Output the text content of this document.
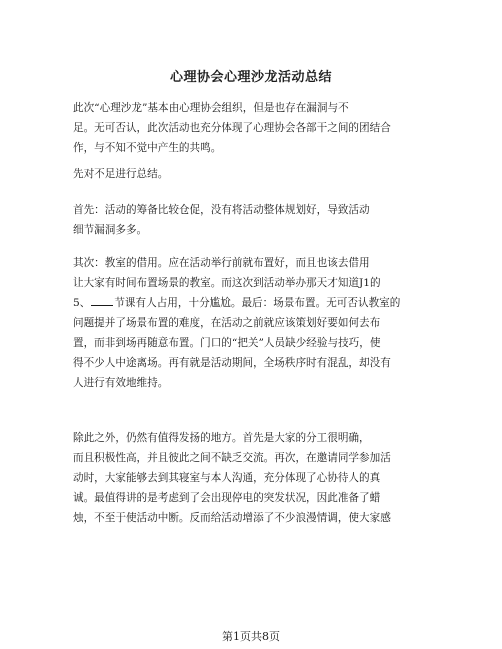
心理协会心理沙龙活动总结
此次“心理沙龙”基本由心理协会组织，但是也存在漏洞与不
足。无可否认，此次活动也充分体现了心理协会各部干之间的团结合
作，与不知不觉中产生的共鸣。
先对不足进行总结。
首先：活动的筹备比较仓促，没有将活动整体规划好，导致活动
细节漏洞多多。
其次：教室的借用。应在活动举行前就布置好，而且也该去借用
让大家有时间布置场景的教室。而这次到活动举办那天才知道J1的
5、 节课有人占用，十分尴尬。最后：场景布置。无可否认教室的
问题提并了场景布置的难度，在活动之前就应该策划好要如何去布
置，而非到场再随意布置。门口的“把关”人员缺少经验与技巧，使
得不少人中途离场。再有就是活动期间，全场秩序时有混乱，却没有
人进行有效地维持。
除此之外，仍然有值得发扬的地方。首先是大家的分工很明确，
而且积极性高，并且彼此之间不缺乏交流。再次，在邀请同学参加活
动时，大家能够去到其寝室与本人沟通，充分体现了心协待人的真
诚。最值得讲的是考虑到了会出现停电的突发状况，因此准备了蜡
烛，不至于使活动中断。反而给活动增添了不少浪漫情调，使大家感
第1页共8页
